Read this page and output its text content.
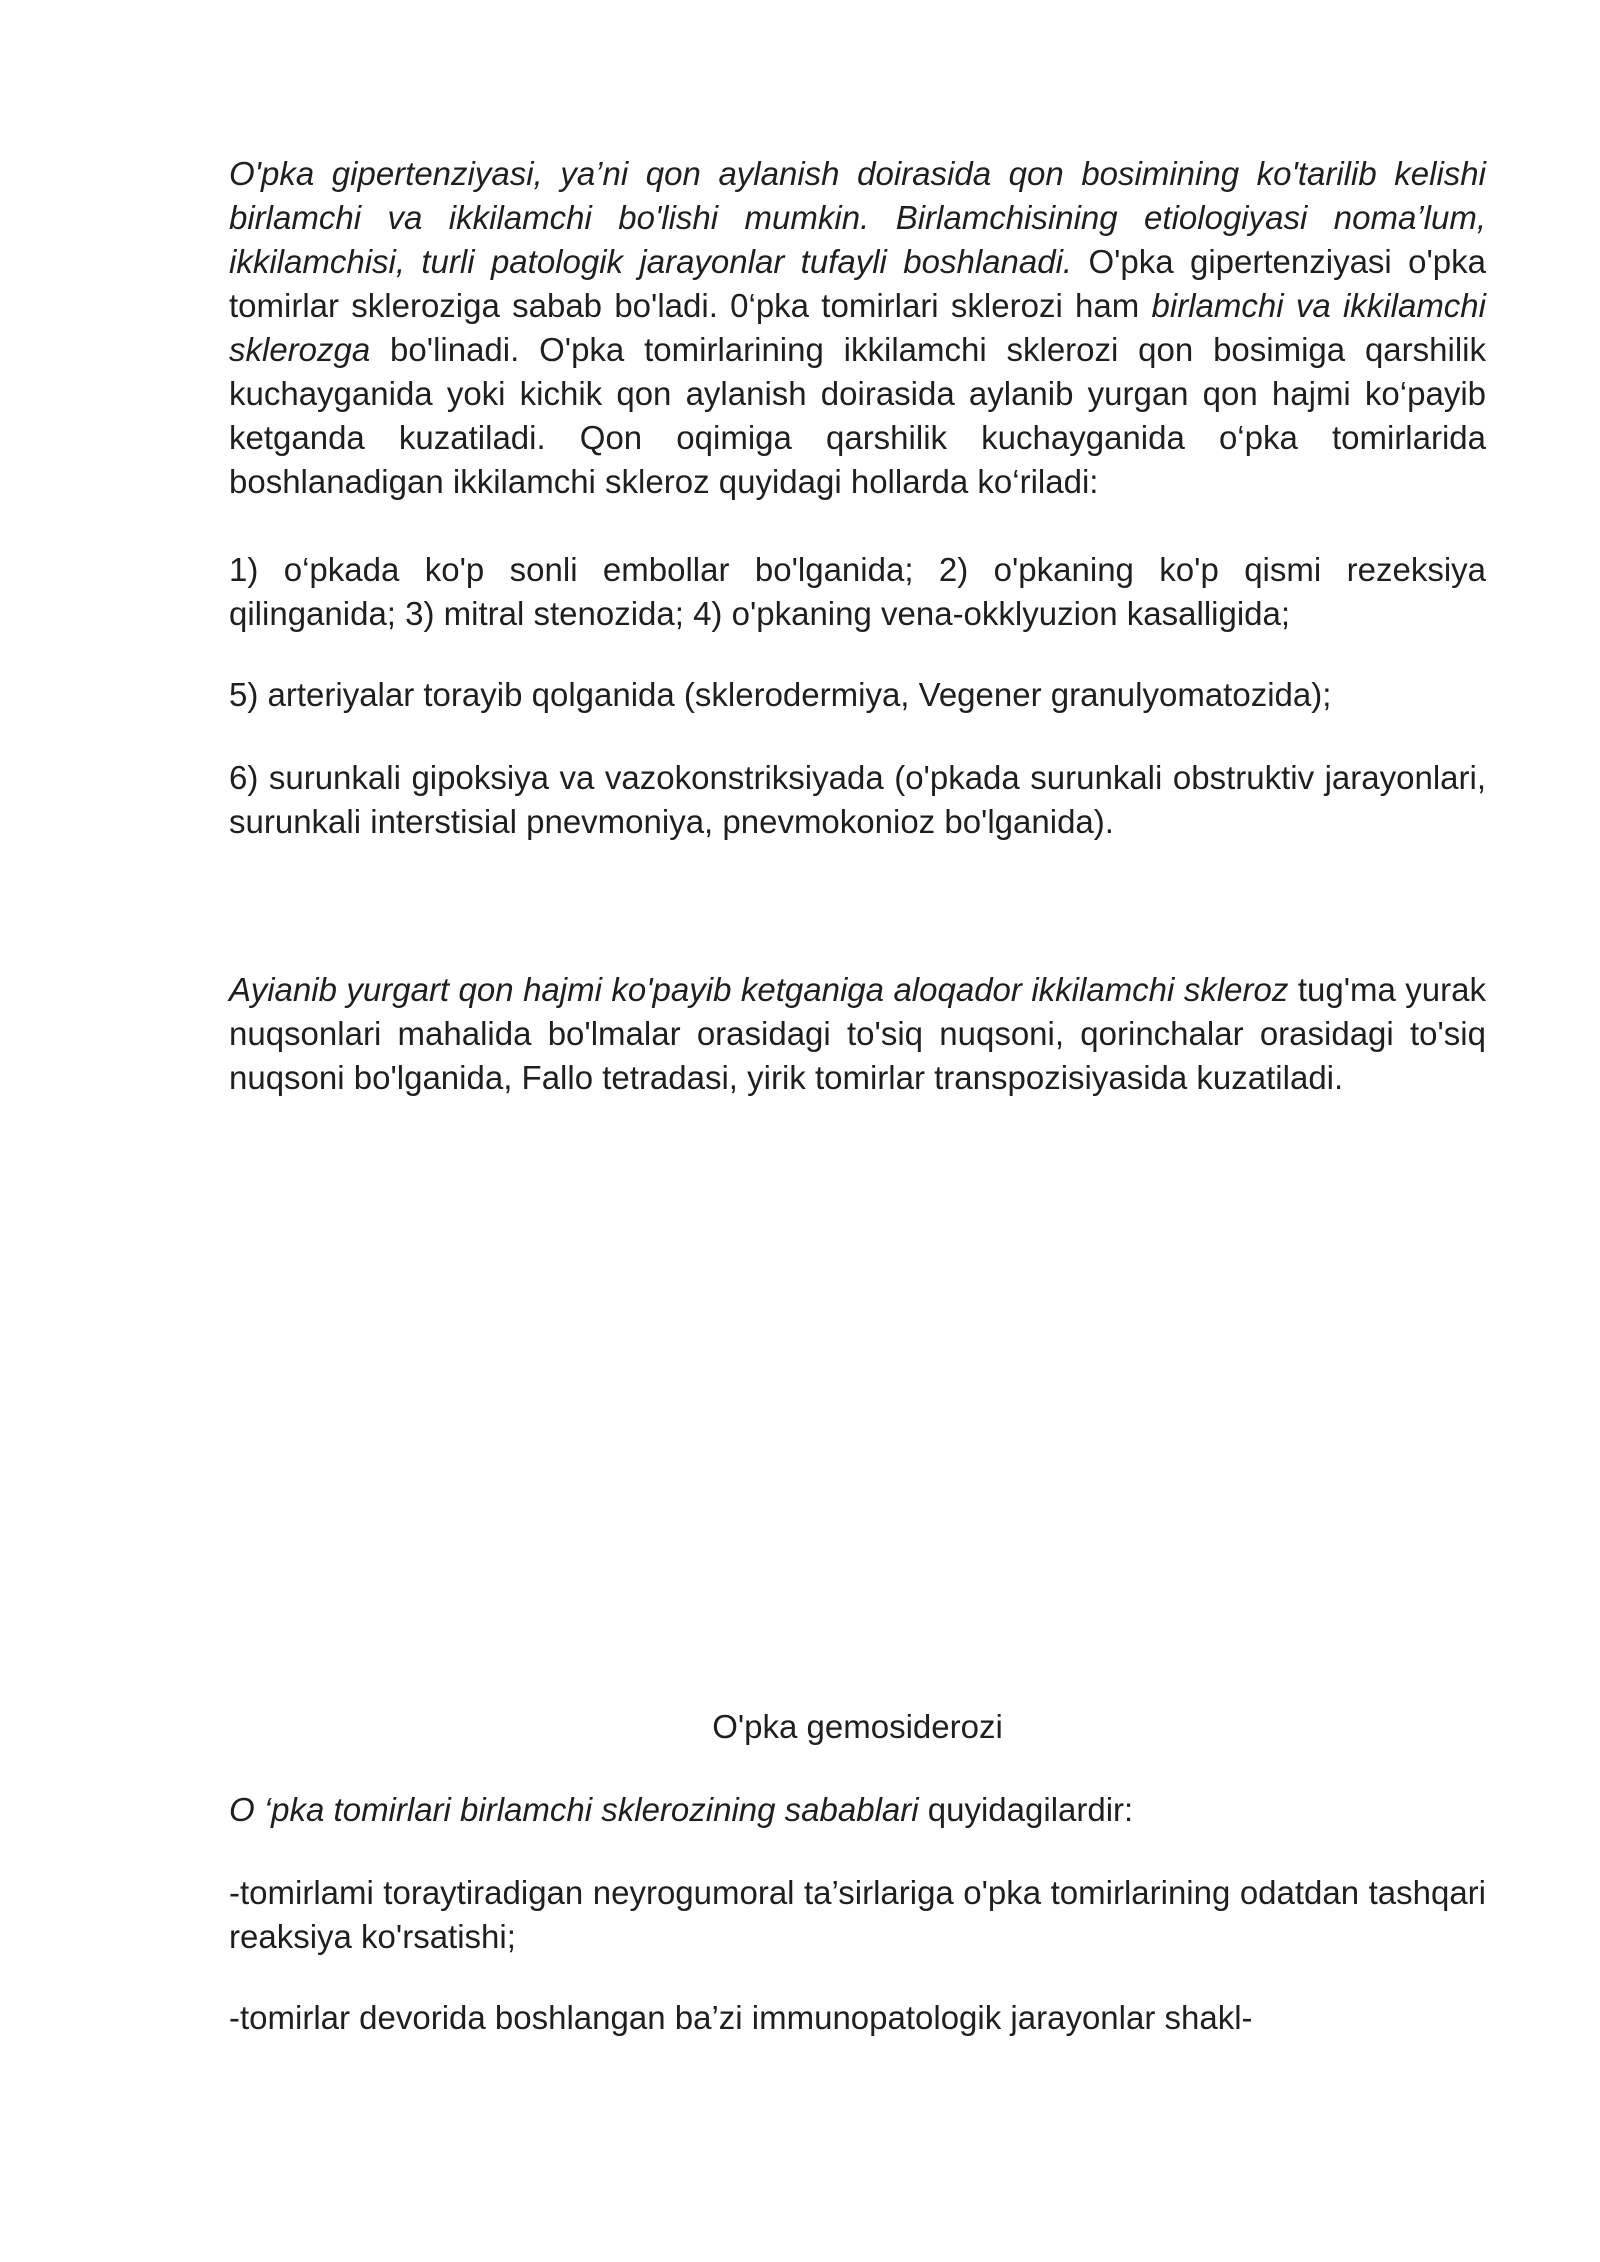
O'pka gipertenziyasi, ya’ni qon aylanish doirasida qon bosimining ko'tarilib kelishi birlamchi va ikkilamchi bo'lishi mumkin. Birlamchisining etiologiyasi noma’lum, ikkilamchisi, turli patologik jarayonlar tufayli boshlanadi. O'pka gipertenziyasi o'pka tomirlar skleroziga sabab bo'ladi. 0‘pka tomirlari sklerozi ham birlamchi va ikkilamchi sklerozga bo'linadi. O'pka tomirlarining ikkilamchi sklerozi qon bosimiga qarshilik kuchayganida yoki kichik qon aylanish doirasida aylanib yurgan qon hajmi ko‘payib ketganda kuzatiladi. Qon oqimiga qarshilik kuchayganida o‘pka tomirlarida boshlanadigan ikkilamchi skleroz quyidagi hollarda ko‘riladi:

1) o‘pkada ko'p sonli embollar bo'lganida; 2) o'pkaning ko'p qismi rezeksiya qilinganida; 3) mitral stenozida; 4) o'pkaning vena-okklyuzion kasalligida;

5) arteriyalar torayib qolganida (sklerodermiya, Vegener granulyomatozida);

6) surunkali gipoksiya va vazokonstriksiyada (o'pkada surunkali obstruktiv jarayonlari, surunkali interstisial pnevmoniya, pnevmokonioz bo'lganida).

Ayianib yurgart qon hajmi ko'payib ketganiga aloqador ikkilamchi skleroz tug'ma yurak nuqsonlari mahalida bo'lmalar orasidagi to'siq nuqsoni, qorinchalar orasidagi to'siq nuqsoni bo'lganida, Fallo tetradasi, yirik tomirlar transpozisiyasida kuzatiladi.

O'pka gemosiderozi

O ‘pka tomirlari birlamchi sklerozining sabablari quyidagilardir:

-tomirlami toraytiradigan neyrogumoral ta’sirlariga o'pka tomirlarining odatdan tashqari reaksiya ko'rsatishi;

-tomirlar devorida boshlangan ba’zi immunopatologik jarayonlar shakl-
